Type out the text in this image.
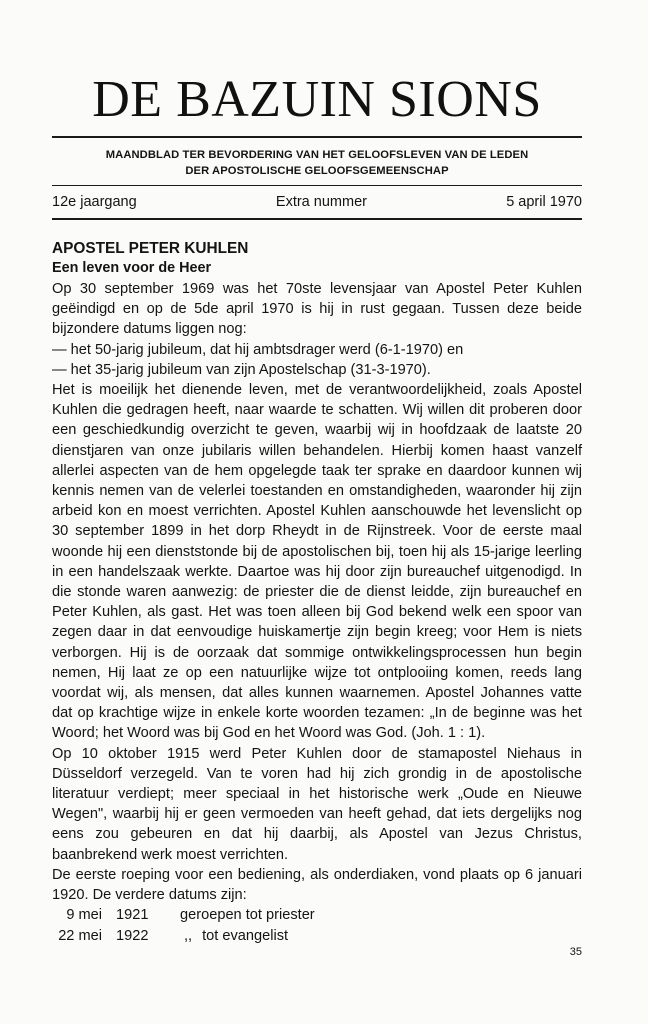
DE BAZUIN SIONS
MAANDBLAD TER BEVORDERING VAN HET GELOOFSLEVEN VAN DE LEDEN
DER APOSTOLISCHE GELOOFSGEMEENSCHAP
12e jaargang	Extra nummer	5 april 1970
APOSTEL PETER KUHLEN
Een leven voor de Heer

Op 30 september 1969 was het 70ste levensjaar van Apostel Peter Kuhlen geëindigd en op de 5de april 1970 is hij in rust gegaan. Tussen deze beide bijzondere datums liggen nog:

— het 50-jarig jubileum, dat hij ambtsdrager werd (6-1-1970) en

— het 35-jarig jubileum van zijn Apostelschap (31-3-1970).

Het is moeilijk het dienende leven, met de verantwoordelijkheid, zoals Apostel Kuhlen die gedragen heeft, naar waarde te schatten. Wij willen dit proberen door een geschiedkundig overzicht te geven, waarbij wij in hoofdzaak de laatste 20 dienstjaren van onze jubilaris willen behandelen. Hierbij komen haast vanzelf allerlei aspecten van de hem opgelegde taak ter sprake en daardoor kunnen wij kennis nemen van de velerlei toestanden en omstandigheden, waaronder hij zijn arbeid kon en moest verrichten. Apostel Kuhlen aanschouwde het levenslicht op 30 september 1899 in het dorp Rheydt in de Rijnstreek. Voor de eerste maal woonde hij een dienststonde bij de apostolischen bij, toen hij als 15-jarige leerling in een handelszaak werkte. Daartoe was hij door zijn bureauchef uitgenodigd. In die stonde waren aanwezig: de priester die de dienst leidde, zijn bureauchef en Peter Kuhlen, als gast. Het was toen alleen bij God bekend welk een spoor van zegen daar in dat eenvoudige huiskamertje zijn begin kreeg; voor Hem is niets verborgen. Hij is de oorzaak dat sommige ontwikkelingsprocessen hun begin nemen, Hij laat ze op een natuurlijke wijze tot ontplooiing komen, reeds lang voordat wij, als mensen, dat alles kunnen waarnemen. Apostel Johannes vatte dat op krachtige wijze in enkele korte woorden tezamen: „In de beginne was het Woord; het Woord was bij God en het Woord was God. (Joh. 1 : 1).

Op 10 oktober 1915 werd Peter Kuhlen door de stamapostel Niehaus in Düsseldorf verzegeld. Van te voren had hij zich grondig in de apostolische literatuur verdiept; meer speciaal in het historische werk „Oude en Nieuwe Wegen", waarbij hij er geen vermoeden van heeft gehad, dat iets dergelijks nog eens zou gebeuren en dat hij daarbij, als Apostel van Jezus Christus, baanbrekend werk moest verrichten.

De eerste roeping voor een bediening, als onderdiaken, vond plaats op 6 januari 1920. De verdere datums zijn:

9 mei 1921	geroepen tot priester
22 mei 1922	,, tot evangelist
35
